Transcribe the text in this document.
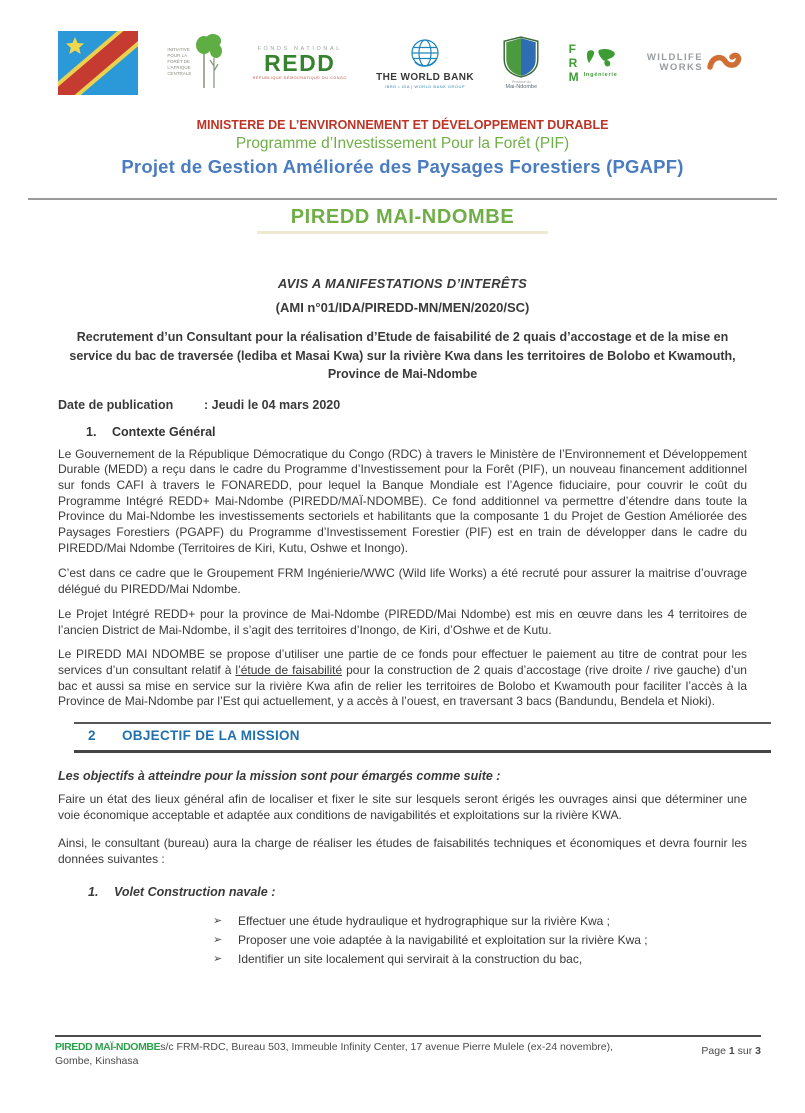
INITIATIVE
POUR LA
FORÊT DE
L’AFRIQUE
CENTRALE
FONDS NATIONAL
REDD
RÉPUBLIQUE DÉMOCRATIQUE DU CONGO	THE WORLD BANK
IBRD • IDA | WORLD BANK GROUP
Province du
Mai-Ndombe
F
R
M Ingénierie
WILDLIFE
WORKS
MINISTERE DE L’ENVIRONNEMENT ET DÉVELOPPEMENT DURABLE
Programme d’Investissement Pour la Forêt (PIF)
Projet de Gestion Améliorée des Paysages Forestiers (PGAPF)
PIREDD MAI-NDOMBE
AVIS A MANIFESTATIONS D’INTERÊTS
(AMI n°01/IDA/PIREDD-MN/MEN/2020/SC)
Recrutement d’un Consultant pour la réalisation d’Etude de faisabilité de 2 quais d’accostage et de la mise en service du bac de traversée (lediba et Masai Kwa) sur la rivière Kwa dans les territoires de Bolobo et Kwamouth, Province de Mai-Ndombe
Date de publication : Jeudi le 04 mars 2020
1. Contexte Général

Le Gouvernement de la République Démocratique du Congo (RDC) à travers le Ministère de l’Environnement et Développement Durable (MEDD) a reçu dans le cadre du Programme d’Investissement pour la Forêt (PIF), un nouveau financement additionnel sur fonds CAFI à travers le FONAREDD, pour lequel la Banque Mondiale est l’Agence fiduciaire, pour couvrir le coût du Programme Intégré REDD+ Mai-Ndombe (PIREDD/MAÏ-NDOMBE). Ce fond additionnel va permettre d’étendre dans toute la Province du Mai-Ndombe les investissements sectoriels et habilitants que la composante 1 du Projet de Gestion Améliorée des Paysages Forestiers (PGAPF) du Programme d’Investissement Forestier (PIF) est en train de développer dans le cadre du PIREDD/Mai Ndombe (Territoires de Kiri, Kutu, Oshwe et Inongo).

C’est dans ce cadre que le Groupement FRM Ingénierie/WWC (Wild life Works) a été recruté pour assurer la maitrise d’ouvrage délégué du PIREDD/Mai Ndombe.

Le Projet Intégré REDD+ pour la province de Mai-Ndombe (PIREDD/Mai Ndombe) est mis en œuvre dans les 4 territoires de l’ancien District de Mai-Ndombe, il s’agit des territoires d’Inongo, de Kiri, d’Oshwe et de Kutu.

Le PIREDD MAI NDOMBE se propose d’utiliser une partie de ce fonds pour effectuer le paiement au titre de contrat pour les services d’un consultant relatif à l’étude de faisabilité pour la construction de 2 quais d’accostage (rive droite / rive gauche) d’un bac et aussi sa mise en service sur la rivière Kwa afin de relier les territoires de Bolobo et Kwamouth pour faciliter l’accès à la Province de Mai-Ndombe par l’Est qui actuellement, y a accès à l’ouest, en traversant 3 bacs (Bandundu, Bendela et Nioki).

2 OBJECTIF DE LA MISSION
Les objectifs à atteindre pour la mission sont pour émargés comme suite :

Faire un état des lieux général afin de localiser et fixer le site sur lesquels seront érigés les ouvrages ainsi que déterminer une voie économique acceptable et adaptée aux conditions de navigabilités et exploitations sur la rivière KWA.

Ainsi, le consultant (bureau) aura la charge de réaliser les études de faisabilités techniques et économiques et devra fournir les données suivantes :

1. Volet Construction navale :
➢	Effectuer une étude hydraulique et hydrographique sur la rivière Kwa ;
➢	Proposer une voie adaptée à la navigabilité et exploitation sur la rivière Kwa ;
➢	Identifier un site localement qui servirait à la construction du bac,
PIREDD MAÏ-NDOMBEs/c FRM-RDC, Bureau 503, Immeuble Infinity Center, 17 avenue Pierre Mulele (ex-24 novembre), Gombe, Kinshasa
Page 1 sur 3
